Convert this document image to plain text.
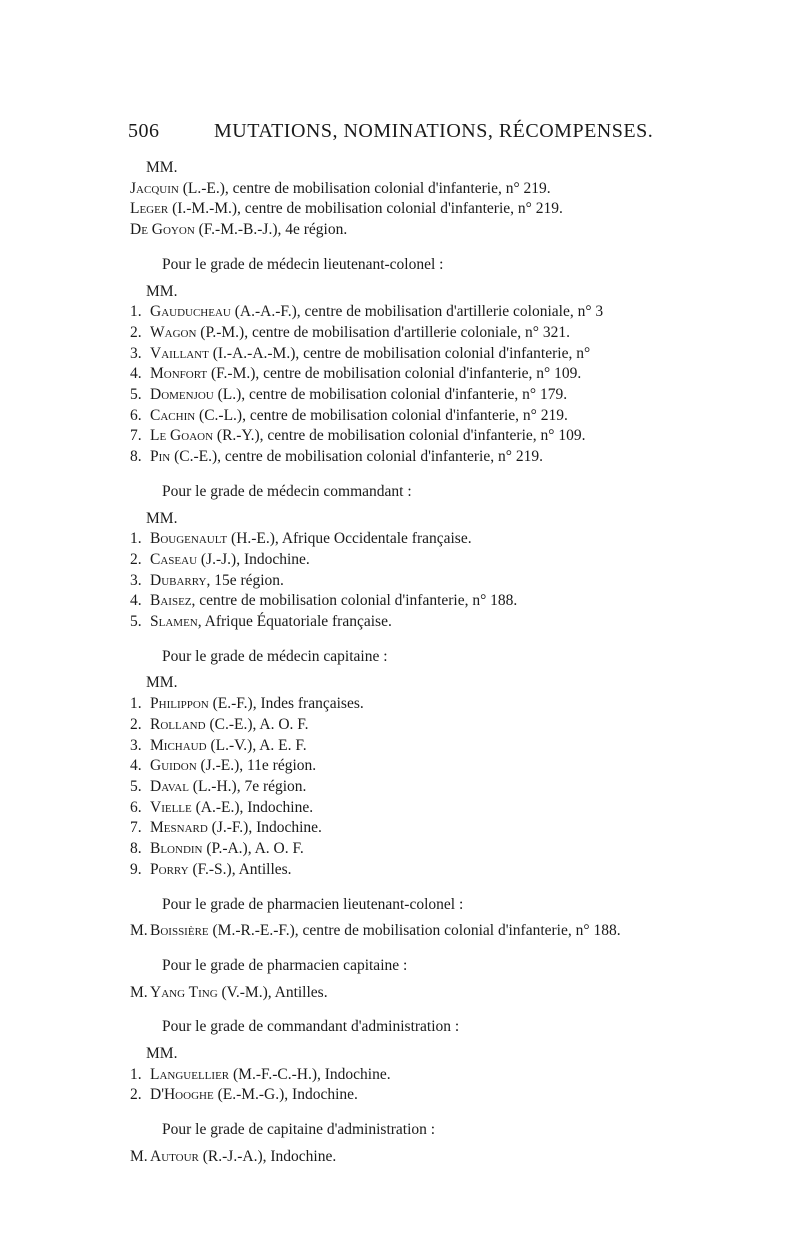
506	MUTATIONS, NOMINATIONS, RÉCOMPENSES.
MM.
Jacquin (L.-E.), centre de mobilisation colonial d'infanterie, n° 219.
Leger (I.-M.-M.), centre de mobilisation colonial d'infanterie, n° 219.
De Goyon (F.-M.-B.-J.), 4e région.
Pour le grade de médecin lieutenant-colonel :
MM.
1. Gauducheau (A.-A.-F.), centre de mobilisation d'artillerie coloniale, n° 3
2. Wagon (P.-M.), centre de mobilisation d'artillerie coloniale, n° 321.
3. Vaillant (I.-A.-A.-M.), centre de mobilisation colonial d'infanterie, n°
4. Monfort (F.-M.), centre de mobilisation colonial d'infanterie, n° 109.
5. Domenjou (L.), centre de mobilisation colonial d'infanterie, n° 179.
6. Cachin (C.-L.), centre de mobilisation colonial d'infanterie, n° 219.
7. Le Goaon (R.-Y.), centre de mobilisation colonial d'infanterie, n° 109.
8. Pin (C.-E.), centre de mobilisation colonial d'infanterie, n° 219.
Pour le grade de médecin commandant :
MM.
1. Bougenault (H.-E.), Afrique Occidentale française.
2. Caseau (J.-J.), Indochine.
3. Dubarry, 15e région.
4. Baisez, centre de mobilisation colonial d'infanterie, n° 188.
5. Slamen, Afrique Équatoriale française.
Pour le grade de médecin capitaine :
MM.
1. Philippon (E.-F.), Indes françaises.
2. Rolland (C.-E.), A. O. F.
3. Michaud (L.-V.), A. E. F.
4. Guidon (J.-E.), 11e région.
5. Daval (L.-H.), 7e région.
6. Vielle (A.-E.), Indochine.
7. Mesnard (J.-F.), Indochine.
8. Blondin (P.-A.), A. O. F.
9. Porry (F.-S.), Antilles.
Pour le grade de pharmacien lieutenant-colonel :
M. Boissière (M.-R.-E.-F.), centre de mobilisation colonial d'infanterie, n° 188.
Pour le grade de pharmacien capitaine :
M. Yang Ting (V.-M.), Antilles.
Pour le grade de commandant d'administration :
MM.
1. Languellier (M.-F.-C.-H.), Indochine.
2. D'Hooghe (E.-M.-G.), Indochine.
Pour le grade de capitaine d'administration :
M. Autour (R.-J.-A.), Indochine.
